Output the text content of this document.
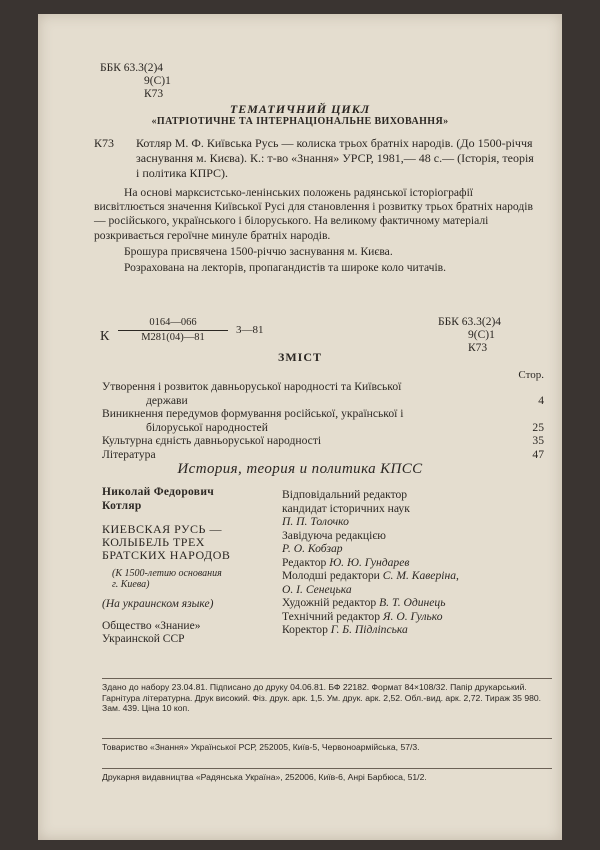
ББК 63.3(2)4
9(С)1
К73
ТЕМАТИЧНИЙ ЦИКЛ
«ПАТРІОТИЧНЕ ТА ІНТЕРНАЦІОНАЛЬНЕ ВИХОВАННЯ»
К73 Котляр М. Ф. Київська Русь — колиска трьох братніх народів. (До 1500-річчя заснування м. Києва). К.: т-во «Знання» УРСР, 1981,— 48 с.— (Історія, теорія і політика КПРС).

На основі марксистсько-ленінських положень радянської історіографії висвітлюється значення Київської Русі для становлення і розвитку трьох братніх народів — російського, українського і білоруського. На великому фактичному матеріалі розкривається героїчне минуле братніх народів.

Брошура присвячена 1500-річчю заснування м. Києва.

Розрахована на лекторів, пропагандистів та широке коло читачів.

К
0164—066
М281(04)—81
3—81
ББК 63.3(2)4
9(С)1
К73
ЗМІСТ
Стор.
Утворення і розвиток давньоруської народності та Київської
держави	4
Виникнення передумов формування російської, української і
білоруської народностей	25
Культурна єдність давньоруської народності	35
Література	47
История, теория и политика КПСС
Николай Федорович
Котляр
КИЕВСКАЯ РУСЬ —
КОЛЫБЕЛЬ ТРЕХ
БРАТСКИХ НАРОДОВ
(К 1500-летию основания
г. Киева)
(На украинском языке)
Общество «Знание»
Украинской ССР
Відповідальний редактор
кандидат історичних наук
П. П. Толочко
Завідуюча редакцією
Р. О. Кобзар
Редактор Ю. Ю. Гундарев
Молодші редактори С. М. Каверіна,
О. І. Сенецька
Художній редактор В. Т. Одинець
Технічний редактор Я. О. Гулько
Коректор Г. Б. Підліпська
Здано до набору 23.04.81. Підписано до друку 04.06.81. БФ 22182. Формат 84×108/32. Папір друкарський. Гарнітура літературна. Друк високий. Фіз. друк. арк. 1,5. Ум. друк. арк. 2,52. Обл.-вид. арк. 2,72. Тираж 35 980. Зам. 439. Ціна 10 коп.
Товариство «Знання» Української РСР, 252005, Київ-5, Червоноармійська, 57/3.
Друкарня видавництва «Радянська Україна», 252006, Київ-6, Анрі Барбюса, 51/2.
